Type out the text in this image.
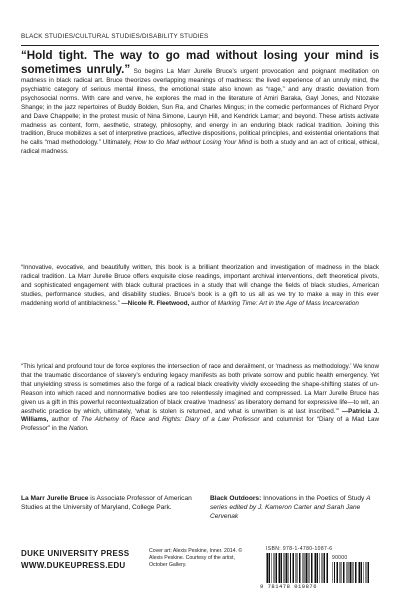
BLACK STUDIES/CULTURAL STUDIES/DISABILITY STUDIES

“Hold tight. The way to go mad without losing your mind is sometimes unruly.” So begins La Marr Jurelle Bruce’s urgent provocation and poignant meditation on madness in black radical art. Bruce theorizes overlapping meanings of madness: the lived experience of an unruly mind, the psychiatric category of serious mental illness, the emotional state also known as “rage,” and any drastic deviation from psychosocial norms. With care and verve, he explores the mad in the literature of Amiri Baraka, Gayl Jones, and Ntozake Shange; in the jazz repertoires of Buddy Bolden, Sun Ra, and Charles Mingus; in the comedic performances of Richard Pryor and Dave Chappelle; in the protest music of Nina Simone, Lauryn Hill, and Kendrick Lamar; and beyond. These artists activate madness as content, form, aesthetic, strategy, philosophy, and energy in an enduring black radical tradition. Joining this tradition, Bruce mobilizes a set of interpretive practices, affective dispositions, political principles, and existential orientations that he calls “mad methodology.” Ultimately, How to Go Mad without Losing Your Mind is both a study and an act of critical, ethical, radical madness.

“Innovative, evocative, and beautifully written, this book is a brilliant theorization and investigation of madness in the black radical tradition. La Marr Jurelle Bruce offers exquisite close readings, important archival interventions, deft theoretical pivots, and sophisticated engagement with black cultural practices in a study that will change the fields of black studies, American studies, performance studies, and disability studies. Bruce’s book is a gift to us all as we try to make a way in this ever maddening world of antiblackness.” —Nicole R. Fleetwood, author of Marking Time: Art in the Age of Mass Incarceration

“This lyrical and profound tour de force explores the intersection of race and derailment, or ‘madness as methodology.’ We know that the traumatic discordance of slavery’s enduring legacy manifests as both private sorrow and public health emergency. Yet that unyielding stress is sometimes also the forge of a radical black creativity vividly exceeding the shape-shifting states of un-Reason into which raced and nonnormative bodies are too relentlessly imagined and compressed. La Marr Jurelle Bruce has given us a gift in this powerful recontextualization of black creative ‘madness’ as liberatory demand for expressive life—to wit, an aesthetic practice by which, ultimately, ‘what is stolen is returned, and what is unwritten is at last inscribed.’” —Patricia J. Williams, author of The Alchemy of Race and Rights: Diary of a Law Professor and columnist for “Diary of a Mad Law Professor” in the Nation.

La Marr Jurelle Bruce is Associate Professor of American Studies at the University of Maryland, College Park.

Black Outdoors: Innovations in the Poetics of Study A series edited by J. Kameron Carter and Sarah Jane Cervenak

DUKE UNIVERSITY PRESS
WWW.DUKEUPRESS.EDU

Cover art: Alexis Peskine, Inner. 2014. © Alexis Peskine. Courtesy of the artist, October Gallery.

ISBN: 978-1-4780-1087-6
90000
9 781478 010876
